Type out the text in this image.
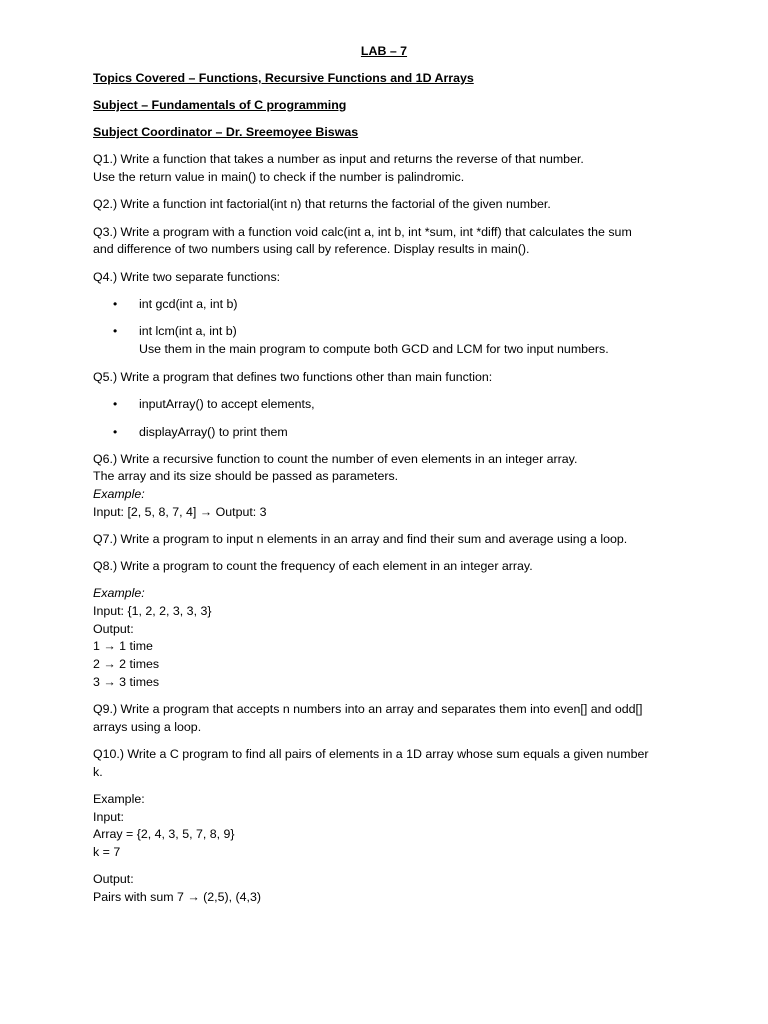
LAB – 7
Topics Covered – Functions, Recursive Functions and 1D Arrays
Subject – Fundamentals of C programming
Subject Coordinator – Dr. Sreemoyee Biswas
Q1.) Write a function that takes a number as input and returns the reverse of that number.
Use the return value in main() to check if the number is palindromic.
Q2.) Write a function int factorial(int n) that returns the factorial of the given number.
Q3.) Write a program with a function void calc(int a, int b, int *sum, int *diff) that calculates the sum
and difference of two numbers using call by reference. Display results in main().
Q4.) Write two separate functions:
• int gcd(int a, int b)
• int lcm(int a, int b)
Use them in the main program to compute both GCD and LCM for two input numbers.
Q5.) Write a program that defines two functions other than main function:
• inputArray() to accept elements,
• displayArray() to print them
Q6.) Write a recursive function to count the number of even elements in an integer array.
The array and its size should be passed as parameters.
Example:
Input: [2, 5, 8, 7, 4] → Output: 3
Q7.) Write a program to input n elements in an array and find their sum and average using a loop.
Q8.) Write a program to count the frequency of each element in an integer array.
Example:
Input: {1, 2, 2, 3, 3, 3}
Output:
1 → 1 time
2 → 2 times
3 → 3 times
Q9.) Write a program that accepts n numbers into an array and separates them into even[] and odd[]
arrays using a loop.
Q10.) Write a C program to find all pairs of elements in a 1D array whose sum equals a given number
k.
Example:
Input:
Array = {2, 4, 3, 5, 7, 8, 9}
k = 7
Output:
Pairs with sum 7 → (2,5), (4,3)
